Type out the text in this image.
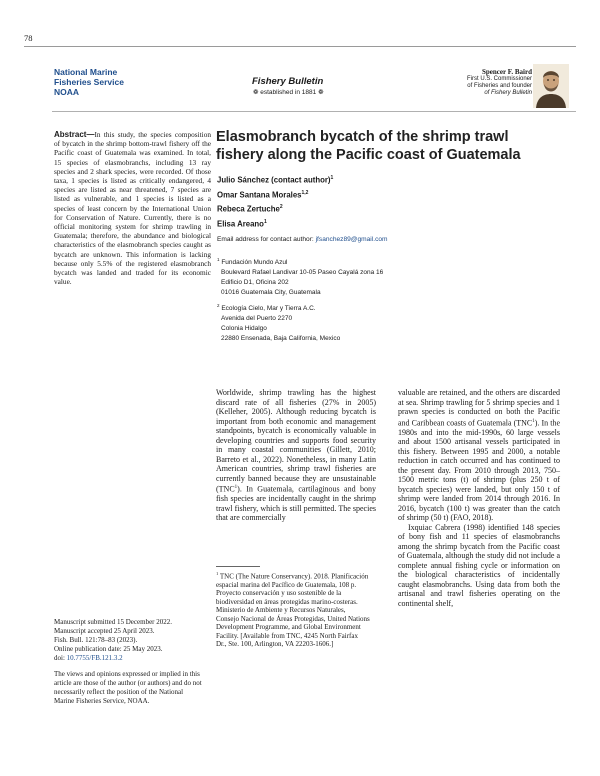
78
National Marine
Fisheries Service
NOAA
Fishery Bulletin
❁ established in 1881 ❁
Spencer F. Baird
First U.S. Commissioner
of Fisheries and founder
of Fishery Bulletin
Abstract—In this study, the species composition of bycatch in the shrimp bottom-trawl fishery off the Pacific coast of Guatemala was examined. In total, 15 species of elasmobranchs, including 13 ray species and 2 shark species, were recorded. Of those taxa, 1 species is listed as critically endangered, 4 species are listed as near threatened, 7 species are listed as vulnerable, and 1 species is listed as a species of least concern by the International Union for Conservation of Nature. Currently, there is no official monitoring system for shrimp trawling in Guatemala; therefore, the abundance and biological characteristics of the elasmobranch species caught as bycatch are unknown. This information is lacking because only 5.5% of the registered elasmobranch bycatch was landed and traded for its economic value.
Elasmobranch bycatch of the shrimp trawl fishery along the Pacific coast of Guatemala
Julio Sánchez (contact author)$^1$
Omar Santana Morales$^{1,2}$
Rebeca Zertuche$^2$
Elisa Areano$^1$
Email address for contact author: jfsanchez89@gmail.com
$^1$ Fundación Mundo Azul
Boulevard Rafael Landivar 10-05 Paseo Cayalá zona 16
Edificio D1, Oficina 202
01016 Guatemala City, Guatemala
$^2$ Ecología Cielo, Mar y Tierra A.C.
Avenida del Puerto 2270
Colonia Hidalgo
22880 Ensenada, Baja California, Mexico
Worldwide, shrimp trawling has the highest discard rate of all fisheries (27% in 2005) (Kelleher, 2005). Although reducing bycatch is important from both economic and management standpoints, bycatch is economically valuable in developing countries and supports food security in many coastal communities (Gillett, 2010; Barreto et al., 2022). Nonetheless, in many Latin American countries, shrimp trawl fisheries are currently banned because they are unsustainable (TNC$^1$). In Guatemala, cartilaginous and bony fish species are incidentally caught in the shrimp trawl fishery, which is still permitted. The species that are commercially
$^1$ TNC (The Nature Conservancy). 2018. Planificación espacial marina del Pacífico de Guatemala, 108 p. Proyecto conservación y uso sostenible de la biodiversidad en áreas protegidas marino-costeras. Ministerio de Ambiente y Recursos Naturales, Consejo Nacional de Áreas Protegidas, United Nations Development Programme, and Global Environment Facility. [Available from TNC, 4245 North Fairfax Dr., Ste. 100, Arlington, VA 22203-1606.]

valuable are retained, and the others are discarded at sea. Shrimp trawling for 5 shrimp species and 1 prawn species is conducted on both the Pacific and Caribbean coasts of Guatemala (TNC$^1$). In the 1980s and into the mid-1990s, 60 large vessels and about 1500 artisanal vessels participated in this fishery. Between 1995 and 2000, a notable reduction in catch occurred and has continued to the present day. From 2010 through 2013, 750–1500 metric tons (t) of shrimp (plus 250 t of bycatch species) were landed, but only 150 t of shrimp were landed from 2014 through 2016. In 2016, bycatch (100 t) was greater than the catch of shrimp (50 t) (FAO, 2018).

Ixquiac Cabrera (1998) identified 148 species of bony fish and 11 species of elasmobranchs among the shrimp bycatch from the Pacific coast of Guatemala, although the study did not include a complete annual fishing cycle or information on the biological characteristics of incidentally caught elasmobranchs. Using data from both the artisanal and trawl fisheries operating on the continental shelf,

Manuscript submitted 15 December 2022.
Manuscript accepted 25 April 2023.
Fish. Bull. 121:78–83 (2023).
Online publication date: 25 May 2023.
doi: 10.7755/FB.121.3.2
The views and opinions expressed or implied in this article are those of the author (or authors) and do not necessarily reflect the position of the National Marine Fisheries Service, NOAA.
